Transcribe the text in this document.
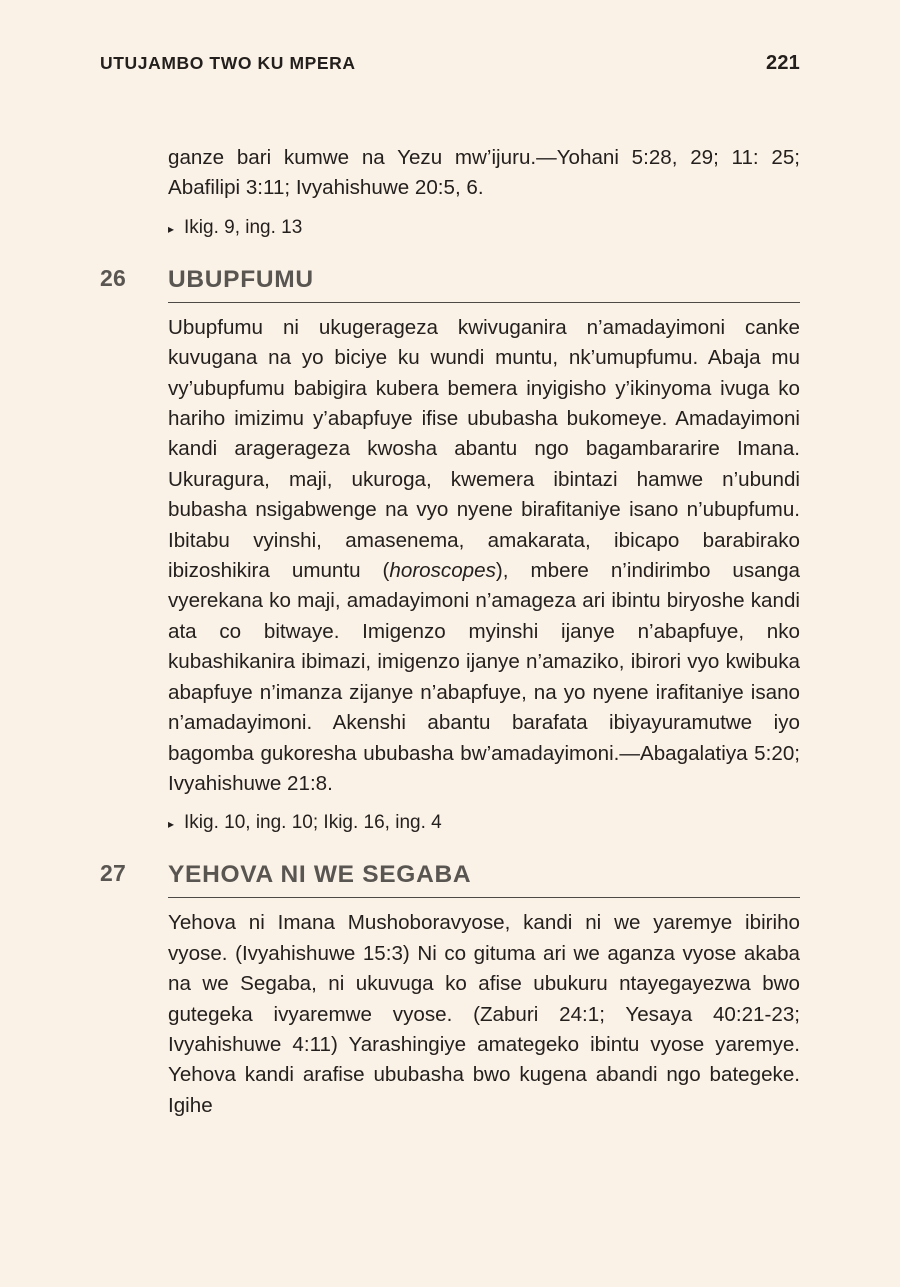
UTUJAMBO TWO KU MPERA	221

ganze bari kumwe na Yezu mw’ijuru.—Yohani 5:28, 29; 11: 25; Abafilipi 3:11; Ivyahishuwe 20:5, 6.

▸ Ikig. 9, ing. 13
26	UBUPFUMU

Ubupfumu ni ukugerageza kwivuganira n’amadayimoni canke kuvugana na yo biciye ku wundi muntu, nk’umupfumu. Abaja mu vy’ubupfumu babigira kubera bemera inyigisho y’ikinyoma ivuga ko hariho imizimu y’abapfuye ifise ububasha bukomeye. Amadayimoni kandi aragerageza kwosha abantu ngo bagambararire Imana. Ukuragura, maji, ukuroga, kwemera ibintazi hamwe n’ubundi bubasha nsigabwenge na vyo nyene birafitaniye isano n’ubupfumu. Ibitabu vyinshi, amasenema, amakarata, ibicapo barabirako ibizoshikira umuntu (horoscopes), mbere n’indirimbo usanga vyerekana ko maji, amadayimoni n’amageza ari ibintu biryoshe kandi ata co bitwaye. Imigenzo myinshi ijanye n’abapfuye, nko kubashikanira ibimazi, imigenzo ijanye n’amaziko, ibirori vyo kwibuka abapfuye n’imanza zijanye n’abapfuye, na yo nyene irafitaniye isano n’amadayimoni. Akenshi abantu barafata ibiyayuramutwe iyo bagomba gukoresha ububasha bw’amadayimoni.—Abagalatiya 5:20; Ivyahishuwe 21:8.

▸ Ikig. 10, ing. 10; Ikig. 16, ing. 4
27	YEHOVA NI WE SEGABA

Yehova ni Imana Mushoboravyose, kandi ni we yaremye ibiriho vyose. (Ivyahishuwe 15:3) Ni co gituma ari we aganza vyose akaba na we Segaba, ni ukuvuga ko afise ubukuru ntayegayezwa bwo gutegeka ivyaremwe vyose. (Zaburi 24:1; Yesaya 40:21-23; Ivyahishuwe 4:11) Yarashingiye amategeko ibintu vyose yaremye. Yehova kandi arafise ububasha bwo kugena abandi ngo bategeke. Igihe
